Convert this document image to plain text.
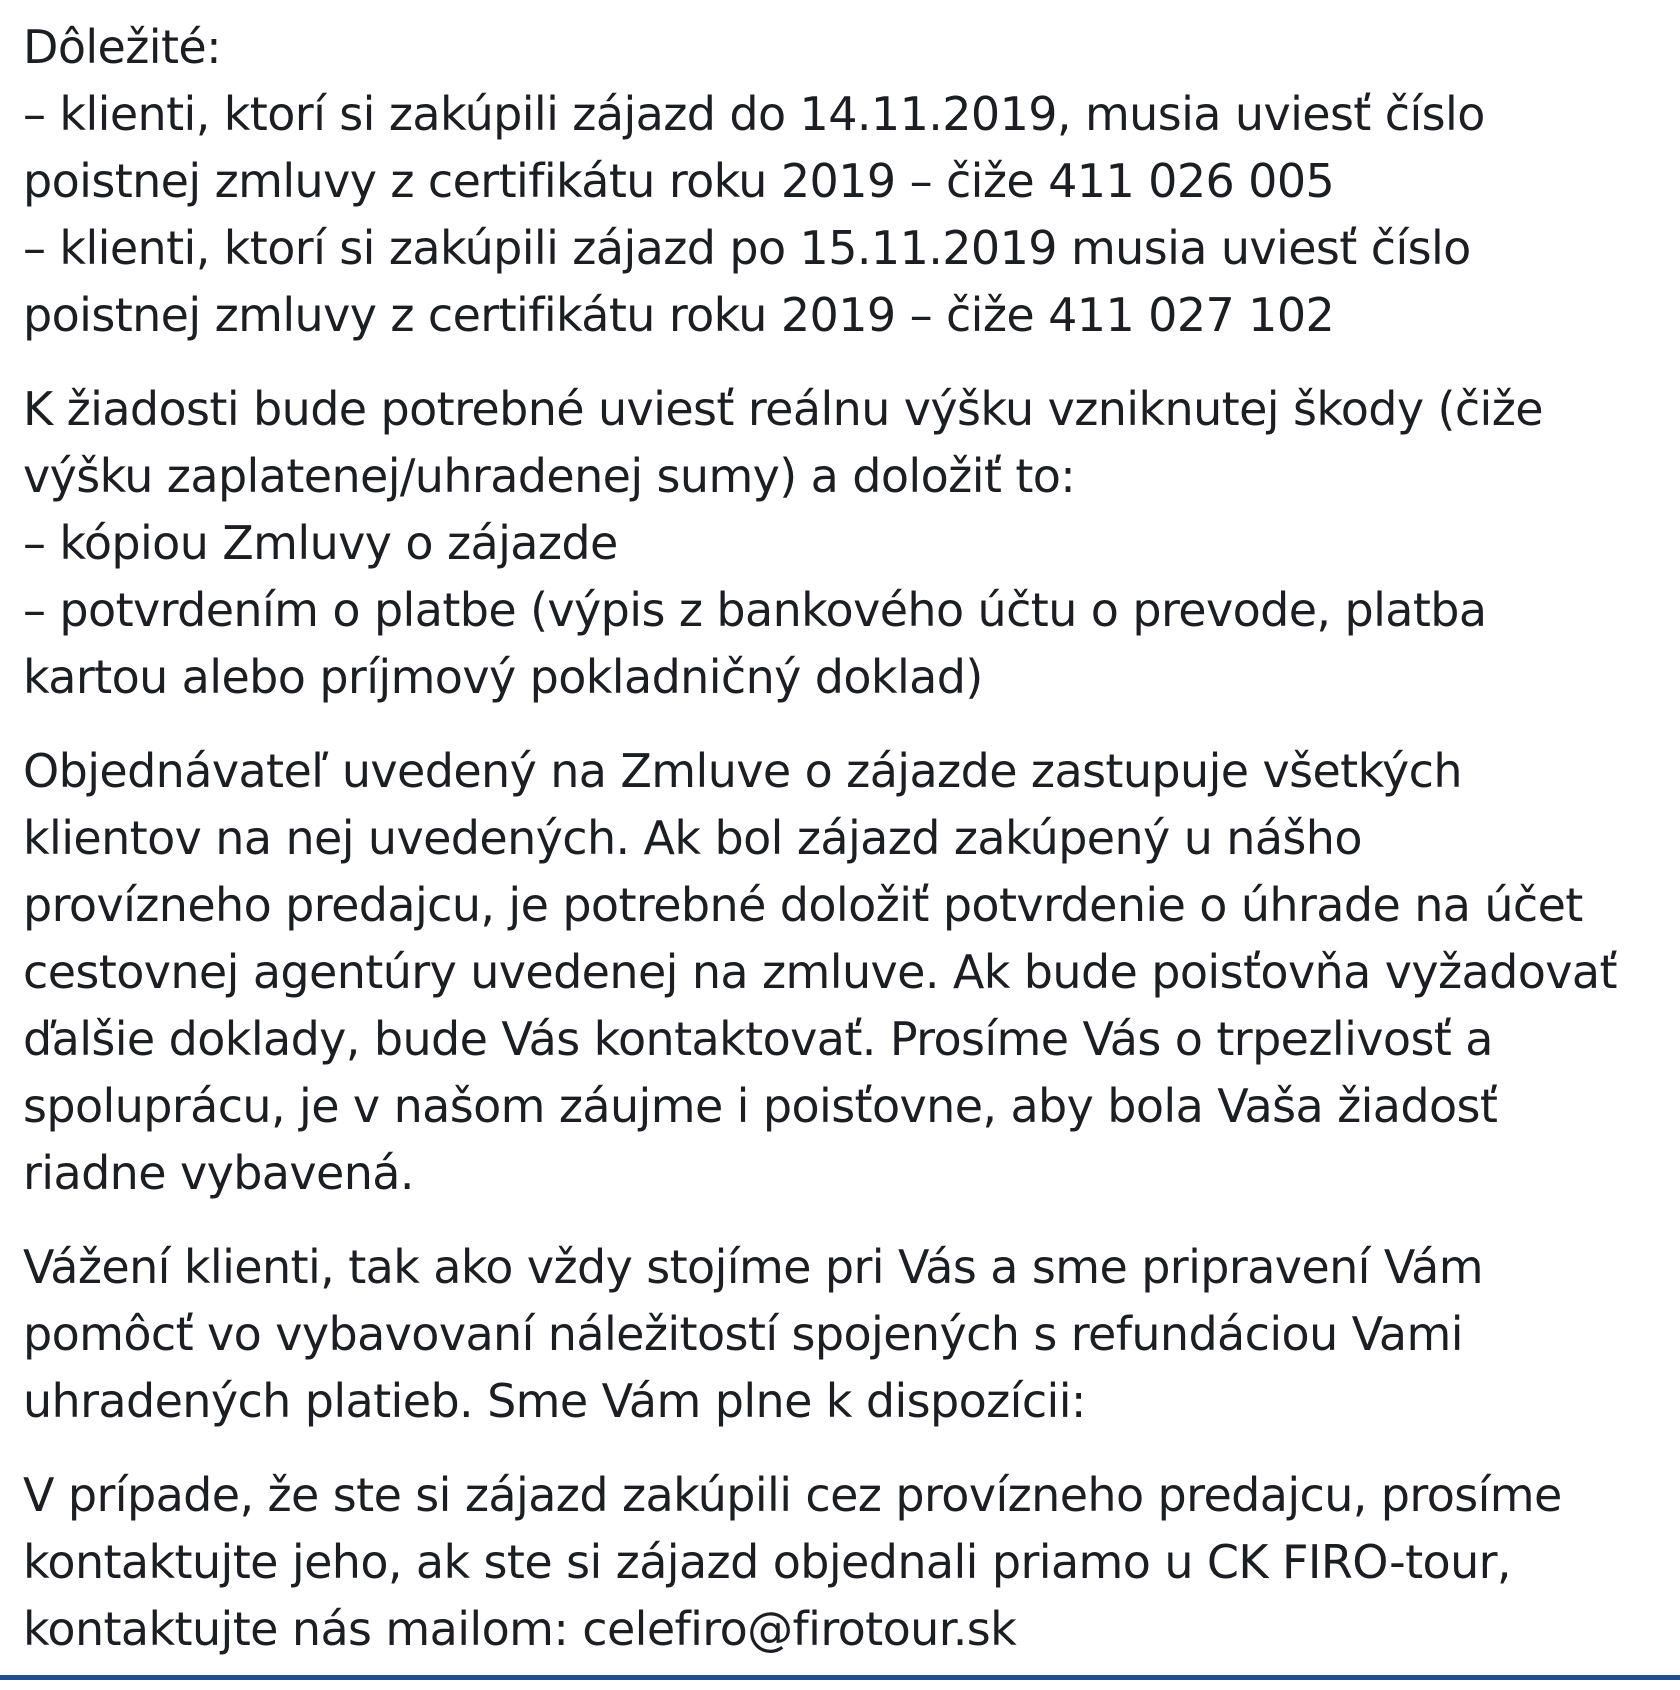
Dôležité:
– klienti, ktorí si zakúpili zájazd do 14.11.2019, musia uviesť číslo
poistnej zmluvy z certifikátu roku 2019 – čiže 411 026 005
– klienti, ktorí si zakúpili zájazd po 15.11.2019 musia uviesť číslo
poistnej zmluvy z certifikátu roku 2019 – čiže 411 027 102
K žiadosti bude potrebné uviesť reálnu výšku vzniknutej škody (čiže
výšku zaplatenej/uhradenej sumy) a doložiť to:
– kópiou Zmluvy o zájazde
– potvrdením o platbe (výpis z bankového účtu o prevode, platba
kartou alebo príjmový pokladničný doklad)
Objednávateľ uvedený na Zmluve o zájazde zastupuje všetkých
klientov na nej uvedených. Ak bol zájazd zakúpený u nášho
provízneho predajcu, je potrebné doložiť potvrdenie o úhrade na účet
cestovnej agentúry uvedenej na zmluve. Ak bude poisťovňa vyžadovať
ďalšie doklady, bude Vás kontaktovať. Prosíme Vás o trpezlivosť a
spoluprácu, je v našom záujme i poisťovne, aby bola Vaša žiadosť
riadne vybavená.
Vážení klienti, tak ako vždy stojíme pri Vás a sme pripravení Vám
pomôcť vo vybavovaní náležitostí spojených s refundáciou Vami
uhradených platieb. Sme Vám plne k dispozícii:
V prípade, že ste si zájazd zakúpili cez provízneho predajcu, prosíme
kontaktujte jeho, ak ste si zájazd objednali priamo u CK FIRO-tour,
kontaktujte nás mailom: celefiro@firotour.sk
